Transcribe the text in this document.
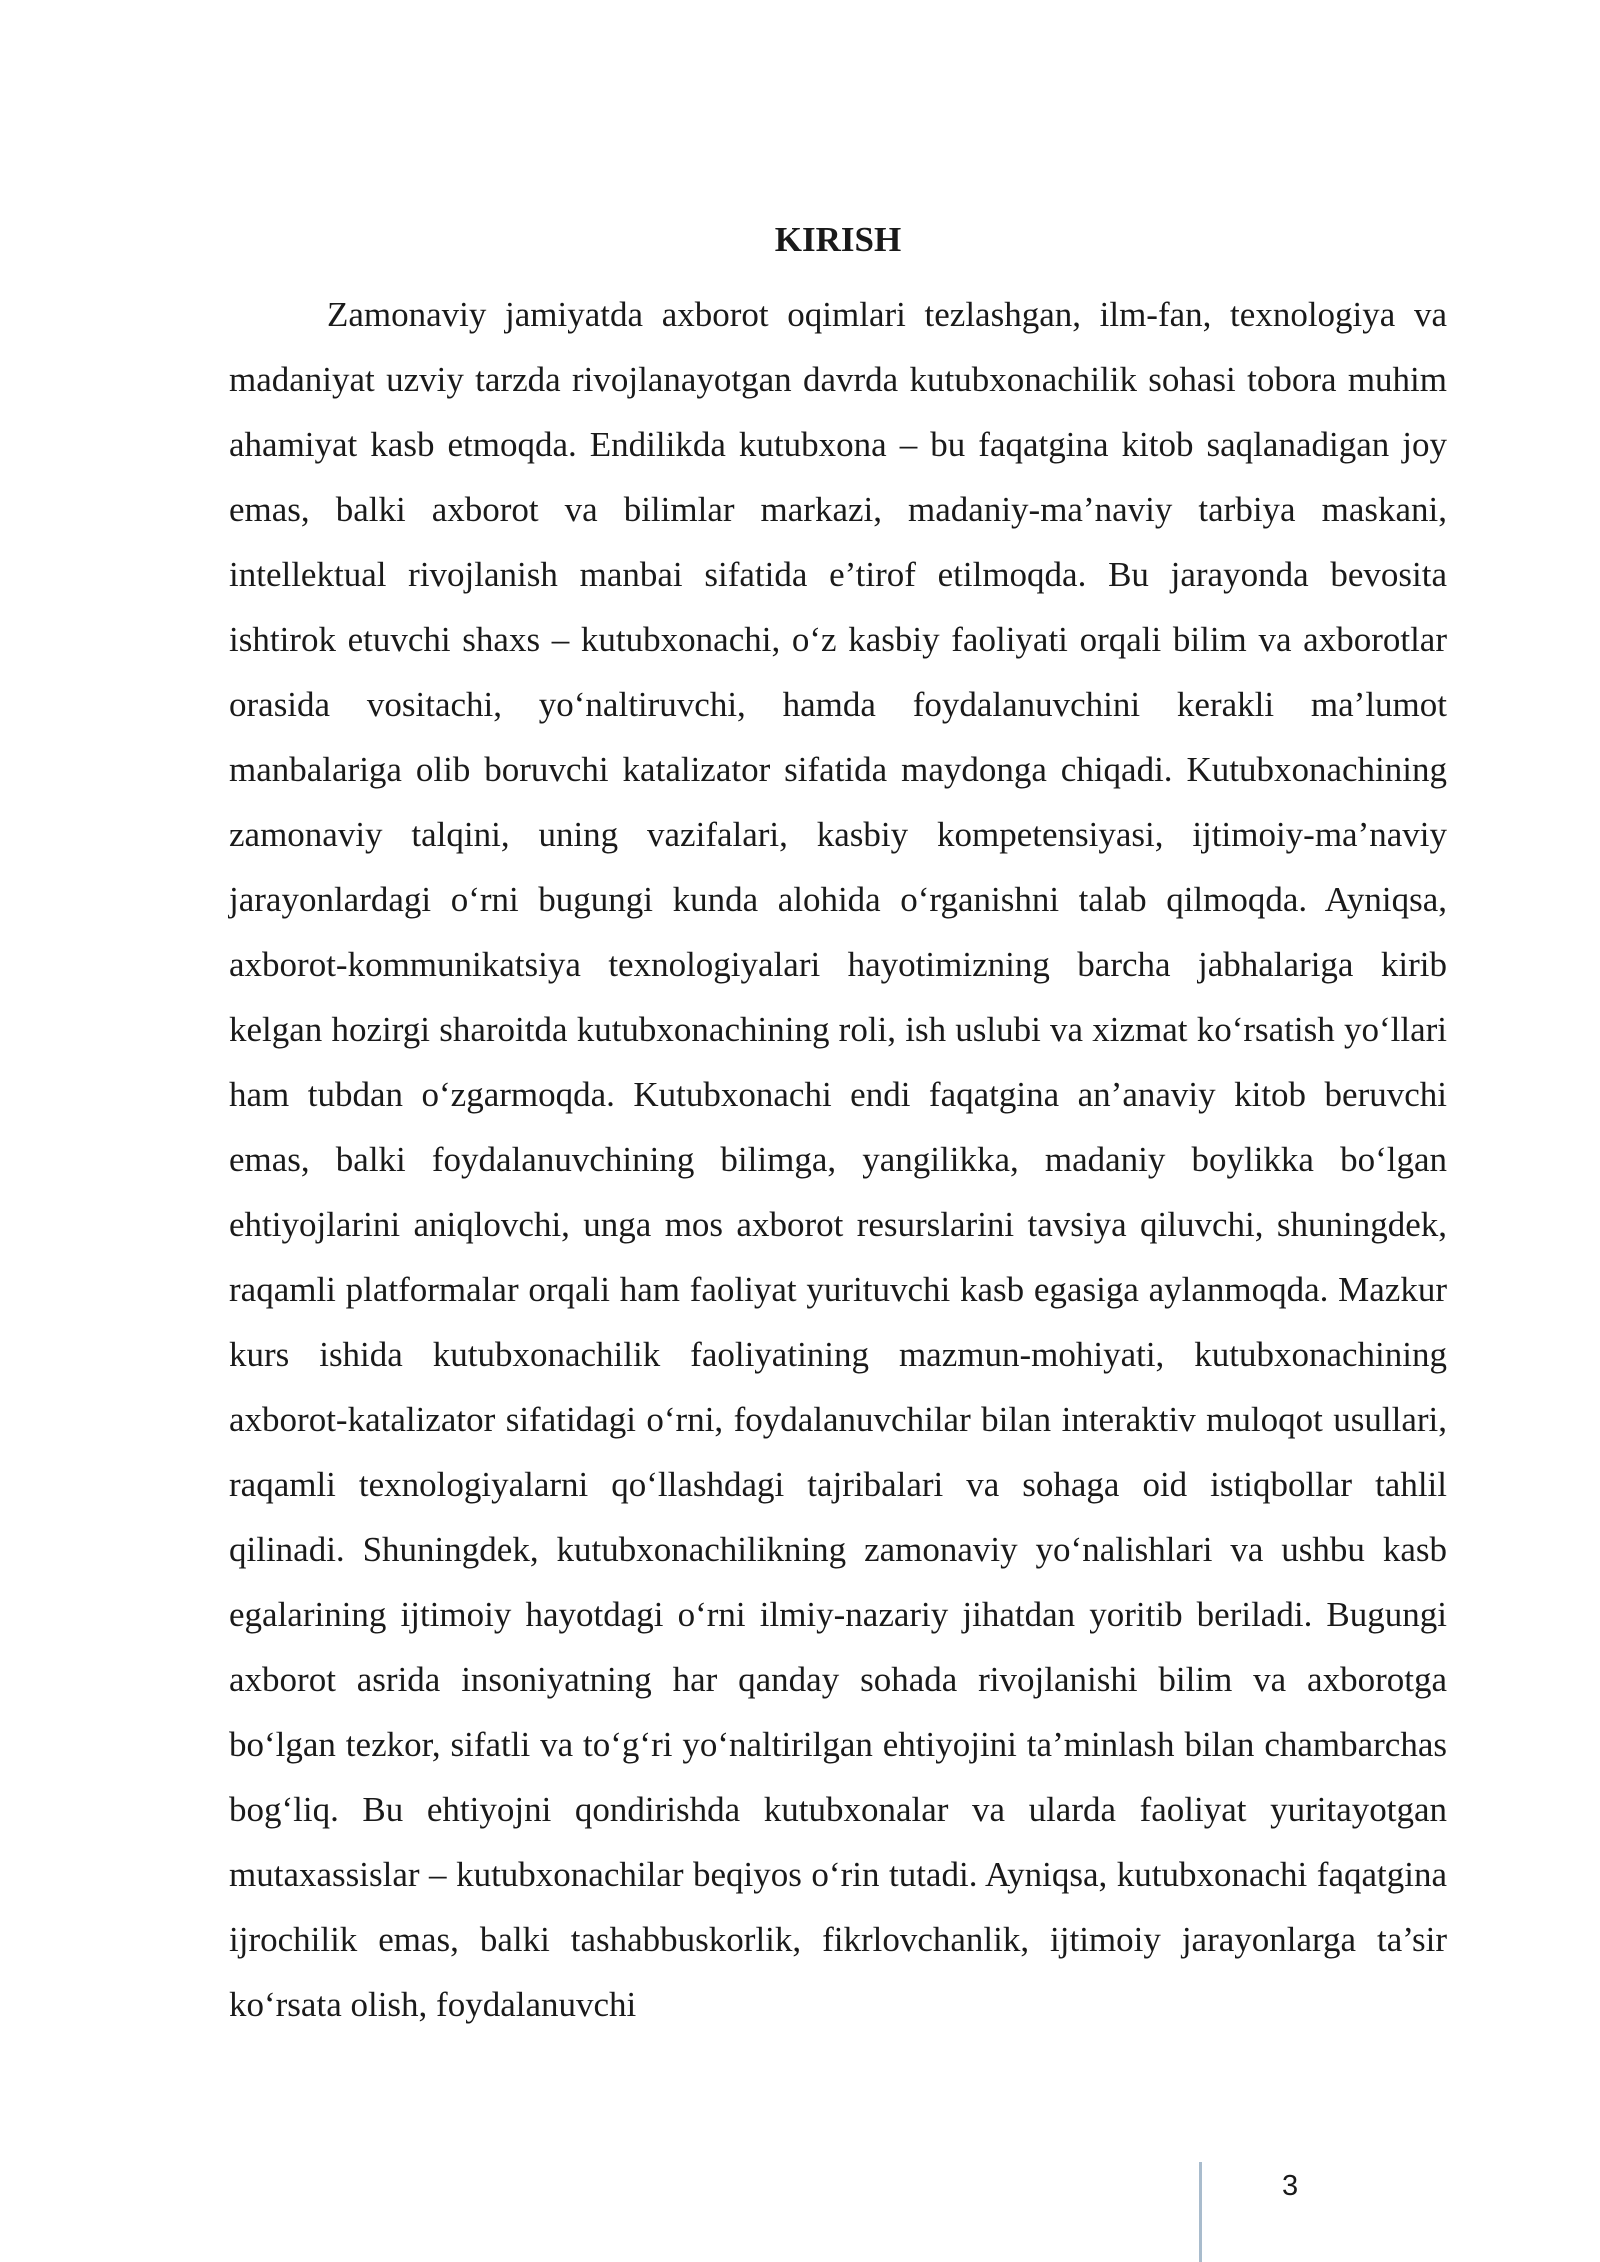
KIRISH

Zamonaviy jamiyatda axborot oqimlari tezlashgan, ilm-fan, texnologiya va madaniyat uzviy tarzda rivojlanayotgan davrda kutubxonachilik sohasi tobora muhim ahamiyat kasb etmoqda. Endilikda kutubxona – bu faqatgina kitob saqlanadigan joy emas, balki axborot va bilimlar markazi, madaniy-ma’naviy tarbiya maskani, intellektual rivojlanish manbai sifatida e’tirof etilmoqda. Bu jarayonda bevosita ishtirok etuvchi shaxs – kutubxonachi, oʻz kasbiy faoliyati orqali bilim va axborotlar orasida vositachi, yoʻnaltiruvchi, hamda foydalanuvchini kerakli ma’lumot manbalariga olib boruvchi katalizator sifatida maydonga chiqadi. Kutubxonachining zamonaviy talqini, uning vazifalari, kasbiy kompetensiyasi, ijtimoiy-ma’naviy jarayonlardagi oʻrni bugungi kunda alohida oʻrganishni talab qilmoqda. Ayniqsa, axborot-kommunikatsiya texnologiyalari hayotimizning barcha jabhalariga kirib kelgan hozirgi sharoitda kutubxonachining roli, ish uslubi va xizmat koʻrsatish yoʻllari ham tubdan oʻzgarmoqda. Kutubxonachi endi faqatgina an’anaviy kitob beruvchi emas, balki foydalanuvchining bilimga, yangilikka, madaniy boylikka boʻlgan ehtiyojlarini aniqlovchi, unga mos axborot resurslarini tavsiya qiluvchi, shuningdek, raqamli platformalar orqali ham faoliyat yurituvchi kasb egasiga aylanmoqda. Mazkur kurs ishida kutubxonachilik faoliyatining mazmun-mohiyati, kutubxonachining axborot-katalizator sifatidagi oʻrni, foydalanuvchilar bilan interaktiv muloqot usullari, raqamli texnologiyalarni qoʻllashdagi tajribalari va sohaga oid istiqbollar tahlil qilinadi. Shuningdek, kutubxonachilikning zamonaviy yoʻnalishlari va ushbu kasb egalarining ijtimoiy hayotdagi oʻrni ilmiy-nazariy jihatdan yoritib beriladi. Bugungi axborot asrida insoniyatning har qanday sohada rivojlanishi bilim va axborotga boʻlgan tezkor, sifatli va toʻgʻri yoʻnaltirilgan ehtiyojini ta’minlash bilan chambarchas bogʻliq. Bu ehtiyojni qondirishda kutubxonalar va ularda faoliyat yuritayotgan mutaxassislar – kutubxonachilar beqiyos oʻrin tutadi. Ayniqsa, kutubxonachi faqatgina ijrochilik emas, balki tashabbuskorlik, fikrlovchanlik, ijtimoiy jarayonlarga ta’sir koʻrsata olish, foydalanuvchi

3
